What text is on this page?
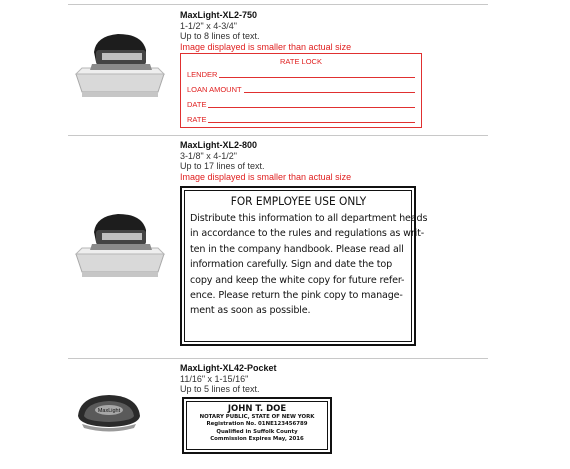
MaxLight-XL2-750
1-1/2" x 4-3/4"
Up to 8 lines of text.
Image displayed is smaller than actual size
RATE LOCK
LENDER
LOAN AMOUNT
DATE
RATE
MaxLight-XL2-800
3-1/8" x 4-1/2"
Up to 17 lines of text.
Image displayed is smaller than actual size
FOR EMPLOYEE USE ONLY
Distribute this information to all department heads
in accordance to the rules and regulations as writ-
ten in the company handbook. Please read all
information carefully. Sign and date the top
copy and keep the white copy for future refer-
ence. Please return the pink copy to manage-
ment as soon as possible.
MaxLight
MaxLight-XL42-Pocket
11/16" x 1-15/16"
Up to 5 lines of text.
JOHN T. DOE
NOTARY PUBLIC, STATE OF NEW YORK
Registration No. 01NE123456789
Qualified in Suffolk County
Commission Expires May, 2016
